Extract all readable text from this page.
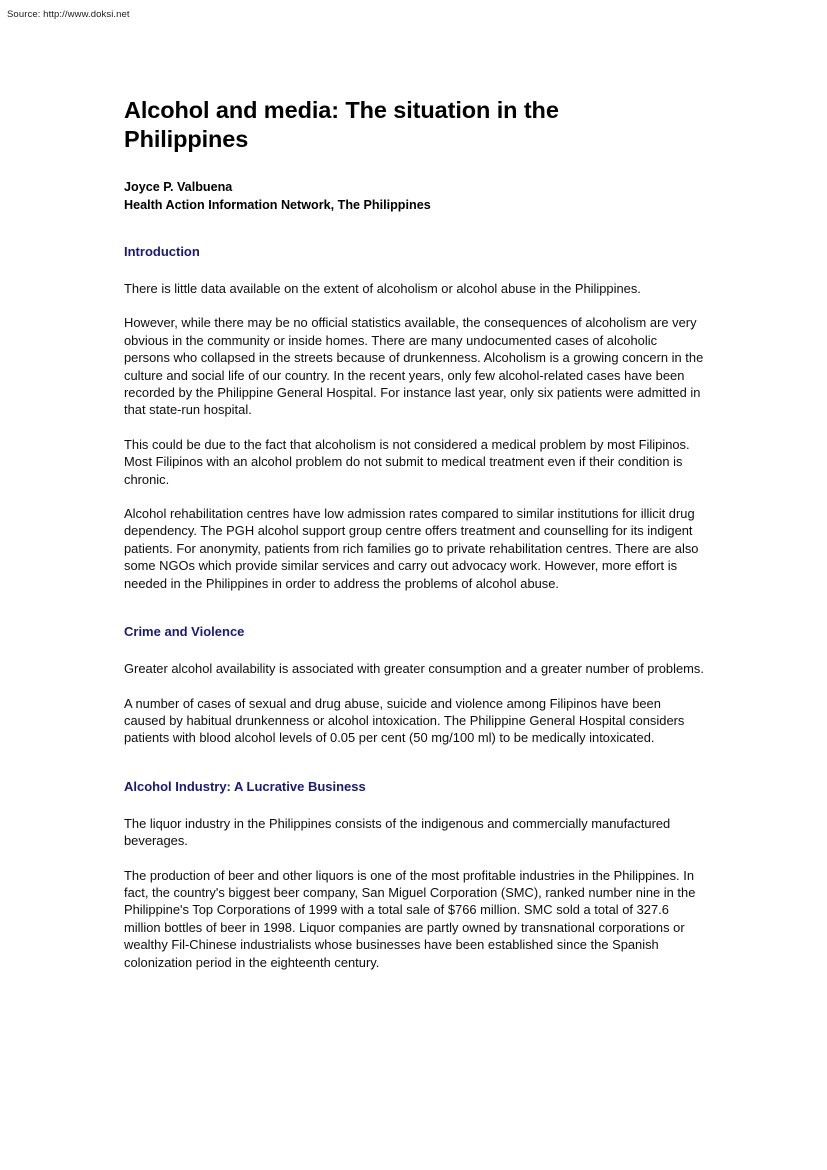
Source: http://www.doksi.net
Alcohol and media: The situation in the Philippines
Joyce P. Valbuena
Health Action Information Network, The Philippines
Introduction

There is little data available on the extent of alcoholism or alcohol abuse in the Philippines.

However, while there may be no official statistics available, the consequences of alcoholism are very obvious in the community or inside homes. There are many undocumented cases of alcoholic persons who collapsed in the streets because of drunkenness. Alcoholism is a growing concern in the culture and social life of our country. In the recent years, only few alcohol-related cases have been recorded by the Philippine General Hospital. For instance last year, only six patients were admitted in that state-run hospital.

This could be due to the fact that alcoholism is not considered a medical problem by most Filipinos. Most Filipinos with an alcohol problem do not submit to medical treatment even if their condition is chronic.

Alcohol rehabilitation centres have low admission rates compared to similar institutions for illicit drug dependency. The PGH alcohol support group centre offers treatment and counselling for its indigent patients. For anonymity, patients from rich families go to private rehabilitation centres. There are also some NGOs which provide similar services and carry out advocacy work. However, more effort is needed in the Philippines in order to address the problems of alcohol abuse.

Crime and Violence

Greater alcohol availability is associated with greater consumption and a greater number of problems.

A number of cases of sexual and drug abuse, suicide and violence among Filipinos have been caused by habitual drunkenness or alcohol intoxication. The Philippine General Hospital considers patients with blood alcohol levels of 0.05 per cent (50 mg/100 ml) to be medically intoxicated.

Alcohol Industry: A Lucrative Business

The liquor industry in the Philippines consists of the indigenous and commercially manufactured beverages.

The production of beer and other liquors is one of the most profitable industries in the Philippines. In fact, the country's biggest beer company, San Miguel Corporation (SMC), ranked number nine in the Philippine's Top Corporations of 1999 with a total sale of $766 million. SMC sold a total of 327.6 million bottles of beer in 1998. Liquor companies are partly owned by transnational corporations or wealthy Fil-Chinese industrialists whose businesses have been established since the Spanish colonization period in the eighteenth century.
